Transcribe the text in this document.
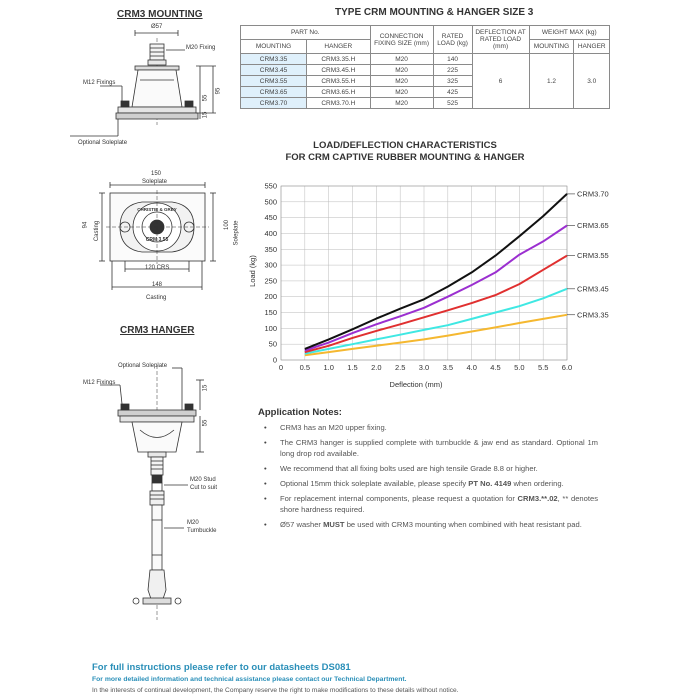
CRM3 MOUNTING
Ø57
M20 Fixing
M12 Fixings
55
95
15
Optional Soleplate
150
Soleplate
94 Casting	100 Soleplate
120 CRS
148
Casting
CHRISTIE & GREY
CRM 3.55
CRM3 HANGER
Optional Soleplate
M12 Fixings
15
55
M20 Stud
Cut to suit
M20
Turnbuckle
TYPE CRM MOUNTING & HANGER SIZE 3
PART No.		CONNECTION FIXING SIZE (mm)	RATED LOAD (kg)	DEFLECTION AT RATED LOAD (mm)	WEIGHT MAX (kg)	
MOUNTING	HANGER				MOUNTING	HANGER
CRM3.35	CRM3.35.H	M20	140	6	1.2	3.0
CRM3.45	CRM3.45.H	M20	225			
CRM3.55	CRM3.55.H	M20	325			
CRM3.65	CRM3.65.H	M20	425			
CRM3.70	CRM3.70.H	M20	525			
LOAD/DEFLECTION CHARACTERISTICS
FOR CRM CAPTIVE RUBBER MOUNTING & HANGER
0
50
100
150
200
250
300
350
400
450
500
550
0 0.5 1.0 1.5 2.0 2.5 3.0 3.5 4.0 4.5 5.0 5.5 6.0
CRM3.35
CRM3.45
CRM3.55
CRM3.65
CRM3.70
Load (kg)
Deflection (mm)
Application Notes:
• CRM3 has an M20 upper fixing.
• The CRM3 hanger is supplied complete with turnbuckle & jaw end as standard. Optional 1m long drop rod available.
• We recommend that all fixing bolts used are high tensile Grade 8.8 or higher.
• Optional 15mm thick soleplate available, please specify PT No. 4149 when ordering.
• For replacement internal components, please request a quotation for CRM3.**.02, ** denotes shore hardness required.
• Ø57 washer MUST be used with CRM3 mounting when combined with heat resistant pad.
For full instructions please refer to our datasheets DS081
For more detailed information and technical assistance please contact our Technical Department.
In the interests of continual development, the Company reserve the right to make modifications to these details without notice.
